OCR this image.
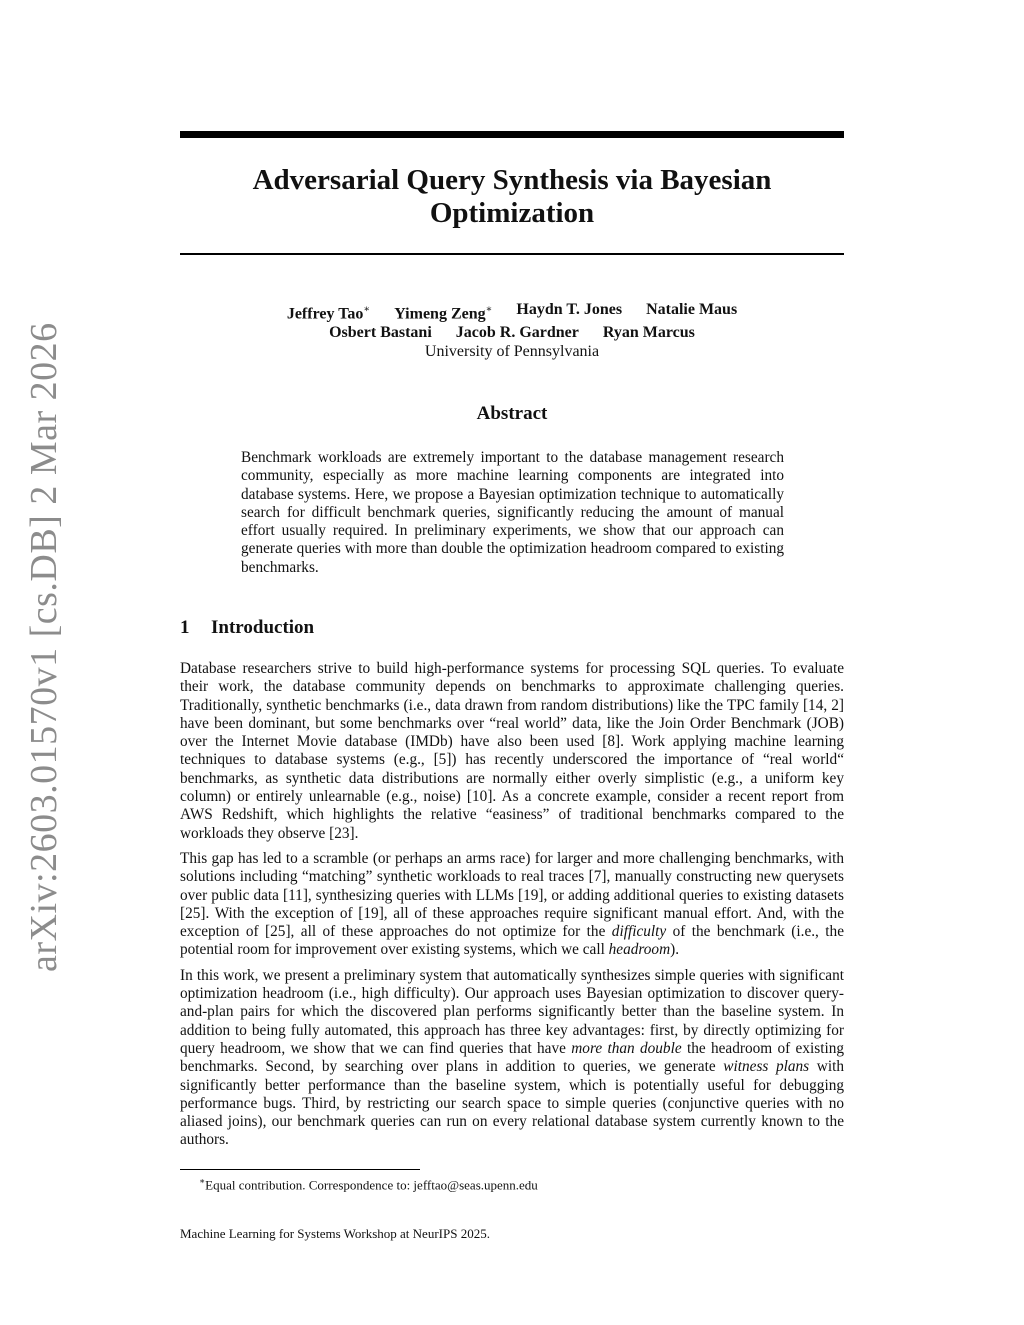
arXiv:2603.01570v1 [cs.DB] 2 Mar 2026
Adversarial Query Synthesis via Bayesian Optimization
Jeffrey Tao∗ Yimeng Zeng∗ Haydn T. Jones Natalie Maus
Osbert Bastani Jacob R. Gardner Ryan Marcus
University of Pennsylvania
Abstract

Benchmark workloads are extremely important to the database management research community, especially as more machine learning components are integrated into database systems. Here, we propose a Bayesian optimization technique to automatically search for difficult benchmark queries, significantly reducing the amount of manual effort usually required. In preliminary experiments, we show that our approach can generate queries with more than double the optimization headroom compared to existing benchmarks.

1 Introduction

Database researchers strive to build high-performance systems for processing SQL queries. To evaluate their work, the database community depends on benchmarks to approximate challenging queries. Traditionally, synthetic benchmarks (i.e., data drawn from random distributions) like the TPC family [14, 2] have been dominant, but some benchmarks over “real world” data, like the Join Order Benchmark (JOB) over the Internet Movie database (IMDb) have also been used [8]. Work applying machine learning techniques to database systems (e.g., [5]) has recently underscored the importance of “real world“ benchmarks, as synthetic data distributions are normally either overly simplistic (e.g., a uniform key column) or entirely unlearnable (e.g., noise) [10]. As a concrete example, consider a recent report from AWS Redshift, which highlights the relative “easiness” of traditional benchmarks compared to the workloads they observe [23].

This gap has led to a scramble (or perhaps an arms race) for larger and more challenging benchmarks, with solutions including “matching” synthetic workloads to real traces [7], manually constructing new querysets over public data [11], synthesizing queries with LLMs [19], or adding additional queries to existing datasets [25]. With the exception of [19], all of these approaches require significant manual effort. And, with the exception of [25], all of these approaches do not optimize for the difficulty of the benchmark (i.e., the potential room for improvement over existing systems, which we call headroom).

In this work, we present a preliminary system that automatically synthesizes simple queries with significant optimization headroom (i.e., high difficulty). Our approach uses Bayesian optimization to discover query-and-plan pairs for which the discovered plan performs significantly better than the baseline system. In addition to being fully automated, this approach has three key advantages: first, by directly optimizing for query headroom, we show that we can find queries that have more than double the headroom of existing benchmarks. Second, by searching over plans in addition to queries, we generate witness plans with significantly better performance than the baseline system, which is potentially useful for debugging performance bugs. Third, by restricting our search space to simple queries (conjunctive queries with no aliased joins), our benchmark queries can run on every relational database system currently known to the authors.

∗Equal contribution. Correspondence to: jefftao@seas.upenn.edu
Machine Learning for Systems Workshop at NeurIPS 2025.
